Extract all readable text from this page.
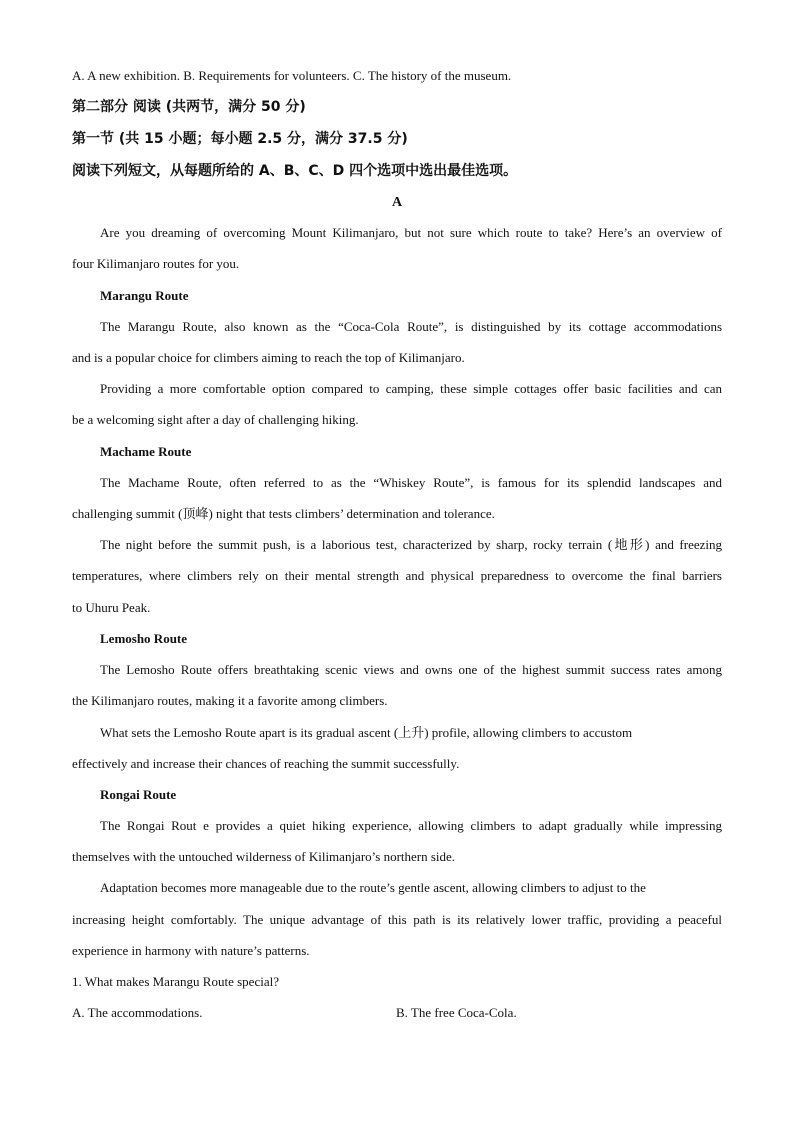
A. A new exhibition. B. Requirements for volunteers. C. The history of the museum.
第二部分 阅读 (共两节，满分 50 分)
第一节 (共 15 小题；每小题 2.5 分，满分 37.5 分)
阅读下列短文，从每题所给的 A、B、C、D 四个选项中选出最佳选项。
A
Are you dreaming of overcoming Mount Kilimanjaro, but not sure which route to take? Here’s an overview of
four Kilimanjaro routes for you.
Marangu Route
The Marangu Route, also known as the “Coca-Cola Route”, is distinguished by its cottage accommodations
and is a popular choice for climbers aiming to reach the top of Kilimanjaro.
Providing a more comfortable option compared to camping, these simple cottages offer basic facilities and can
be a welcoming sight after a day of challenging hiking.
Machame Route
The Machame Route, often referred to as the “Whiskey Route”, is famous for its splendid landscapes and
challenging summit (顶峰) night that tests climbers’ determination and tolerance.
The night before the summit push, is a laborious test, characterized by sharp, rocky terrain (地形) and freezing
temperatures, where climbers rely on their mental strength and physical preparedness to overcome the final barriers
to Uhuru Peak.
Lemosho Route
The Lemosho Route offers breathtaking scenic views and owns one of the highest summit success rates among
the Kilimanjaro routes, making it a favorite among climbers.
What sets the Lemosho Route apart is its gradual ascent (上升) profile, allowing climbers to accustom
effectively and increase their chances of reaching the summit successfully.
Rongai Route
The Rongai Rout e provides a quiet hiking experience, allowing climbers to adapt gradually while impressing
themselves with the untouched wilderness of Kilimanjaro’s northern side.
Adaptation becomes more manageable due to the route’s gentle ascent, allowing climbers to adjust to the
increasing height comfortably. The unique advantage of this path is its relatively lower traffic, providing a peaceful
experience in harmony with nature’s patterns.
1. What makes Marangu Route special?
A. The accommodations.	B. The free Coca-Cola.
